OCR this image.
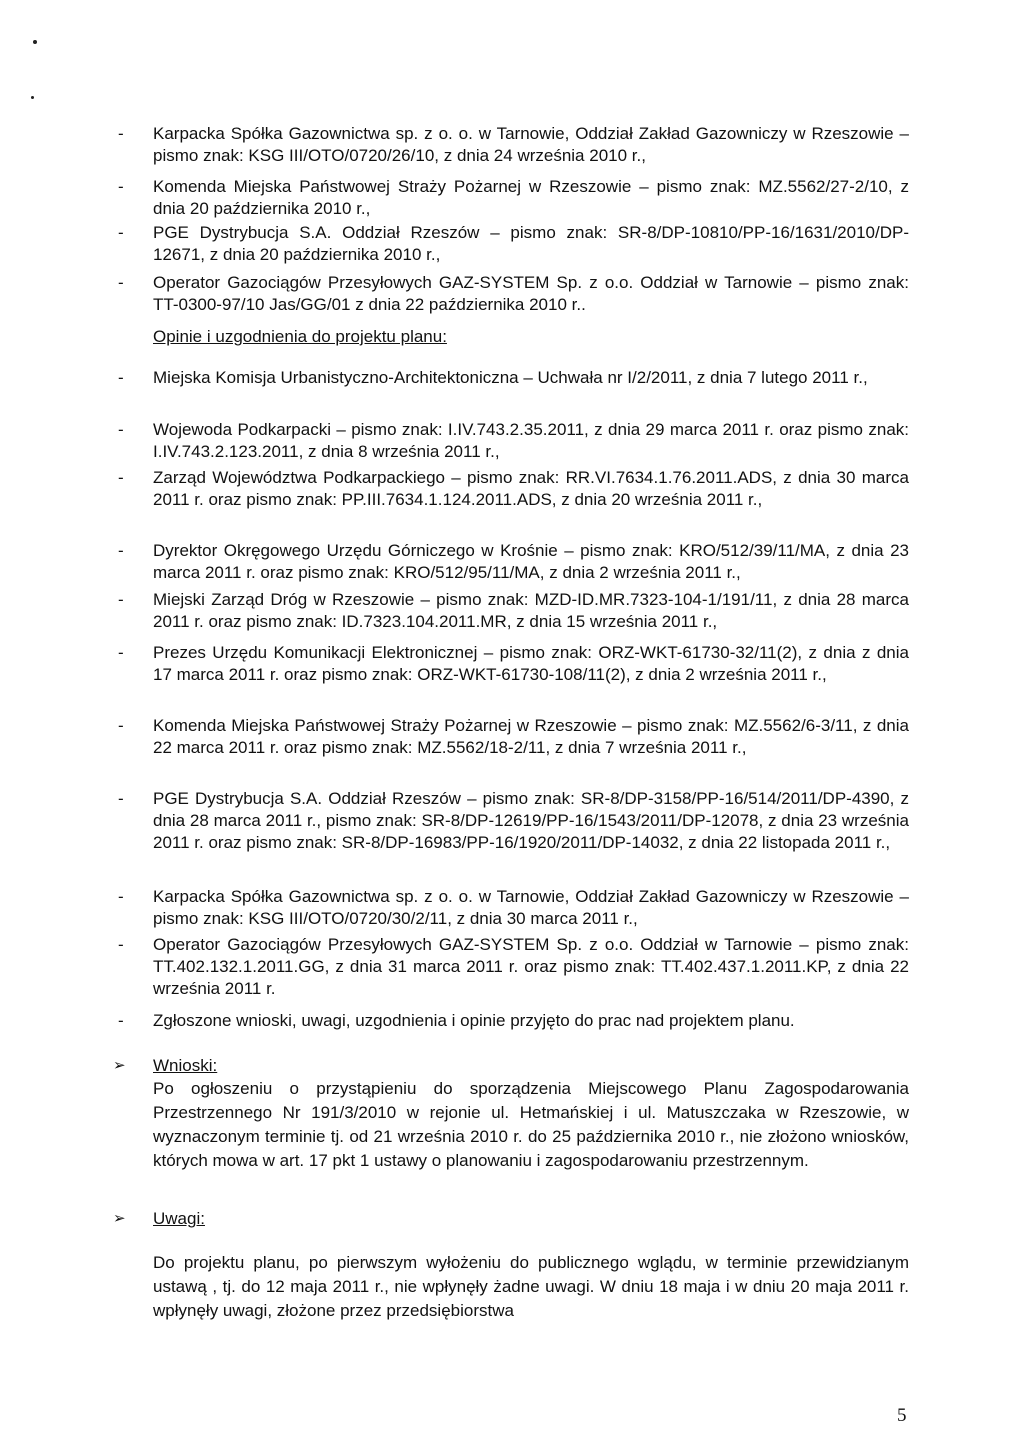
- Karpacka Spółka Gazownictwa sp. z o. o. w Tarnowie, Oddział Zakład Gazowniczy w Rzeszowie – pismo znak: KSG III/OTO/0720/26/10, z dnia 24 września 2010 r.,
- Komenda Miejska Państwowej Straży Pożarnej w Rzeszowie – pismo znak: MZ.5562/27-2/10, z dnia 20 października 2010 r.,
- PGE Dystrybucja S.A. Oddział Rzeszów – pismo znak: SR-8/DP-10810/PP-16/1631/2010/DP-12671, z dnia 20 października 2010 r.,
- Operator Gazociągów Przesyłowych GAZ-SYSTEM Sp. z o.o. Oddział w Tarnowie – pismo znak: TT-0300-97/10 Jas/GG/01 z dnia 22 października 2010 r..
Opinie i uzgodnienia do projektu planu:
- Miejska Komisja Urbanistyczno-Architektoniczna – Uchwała nr I/2/2011, z dnia 7 lutego 2011 r.,
- Wojewoda Podkarpacki – pismo znak: I.IV.743.2.35.2011, z dnia 29 marca 2011 r. oraz pismo znak: I.IV.743.2.123.2011, z dnia 8 września 2011 r.,
- Zarząd Województwa Podkarpackiego – pismo znak: RR.VI.7634.1.76.2011.ADS, z dnia 30 marca 2011 r. oraz pismo znak: PP.III.7634.1.124.2011.ADS, z dnia 20 września 2011 r.,
- Dyrektor Okręgowego Urzędu Górniczego w Krośnie – pismo znak: KRO/512/39/11/MA, z dnia 23 marca 2011 r. oraz pismo znak: KRO/512/95/11/MA, z dnia 2 września 2011 r.,
- Miejski Zarząd Dróg w Rzeszowie – pismo znak: MZD-ID.MR.7323-104-1/191/11, z dnia 28 marca 2011 r. oraz pismo znak: ID.7323.104.2011.MR, z dnia 15 września 2011 r.,
- Prezes Urzędu Komunikacji Elektronicznej – pismo znak: ORZ-WKT-61730-32/11(2), z dnia z dnia 17 marca 2011 r. oraz pismo znak: ORZ-WKT-61730-108/11(2), z dnia 2 września 2011 r.,
- Komenda Miejska Państwowej Straży Pożarnej w Rzeszowie – pismo znak: MZ.5562/6-3/11, z dnia 22 marca 2011 r. oraz pismo znak: MZ.5562/18-2/11, z dnia 7 września 2011 r.,
- PGE Dystrybucja S.A. Oddział Rzeszów – pismo znak: SR-8/DP-3158/PP-16/514/2011/DP-4390, z dnia 28 marca 2011 r., pismo znak: SR-8/DP-12619/PP-16/1543/2011/DP-12078, z dnia 23 września 2011 r. oraz pismo znak: SR-8/DP-16983/PP-16/1920/2011/DP-14032, z dnia 22 listopada 2011 r.,
- Karpacka Spółka Gazownictwa sp. z o. o. w Tarnowie, Oddział Zakład Gazowniczy w Rzeszowie – pismo znak: KSG III/OTO/0720/30/2/11, z dnia 30 marca 2011 r.,
- Operator Gazociągów Przesyłowych GAZ-SYSTEM Sp. z o.o. Oddział w Tarnowie – pismo znak: TT.402.132.1.2011.GG, z dnia 31 marca 2011 r. oraz pismo znak: TT.402.437.1.2011.KP, z dnia 22 września 2011 r.
- Zgłoszone wnioski, uwagi, uzgodnienia i opinie przyjęto do prac nad projektem planu.
➢ Wnioski:
Po ogłoszeniu o przystąpieniu do sporządzenia Miejscowego Planu Zagospodarowania Przestrzennego Nr 191/3/2010 w rejonie ul. Hetmańskiej i ul. Matuszczaka w Rzeszowie, w wyznaczonym terminie tj. od 21 września 2010 r. do 25 października 2010 r., nie złożono wniosków, których mowa w art. 17 pkt 1 ustawy o planowaniu i zagospodarowaniu przestrzennym.
➢ Uwagi:
Do projektu planu, po pierwszym wyłożeniu do publicznego wglądu, w terminie przewidzianym ustawą , tj. do 12 maja 2011 r., nie wpłynęły żadne uwagi. W dniu 18 maja i w dniu 20 maja 2011 r. wpłynęły uwagi, złożone przez przedsiębiorstwa
5
